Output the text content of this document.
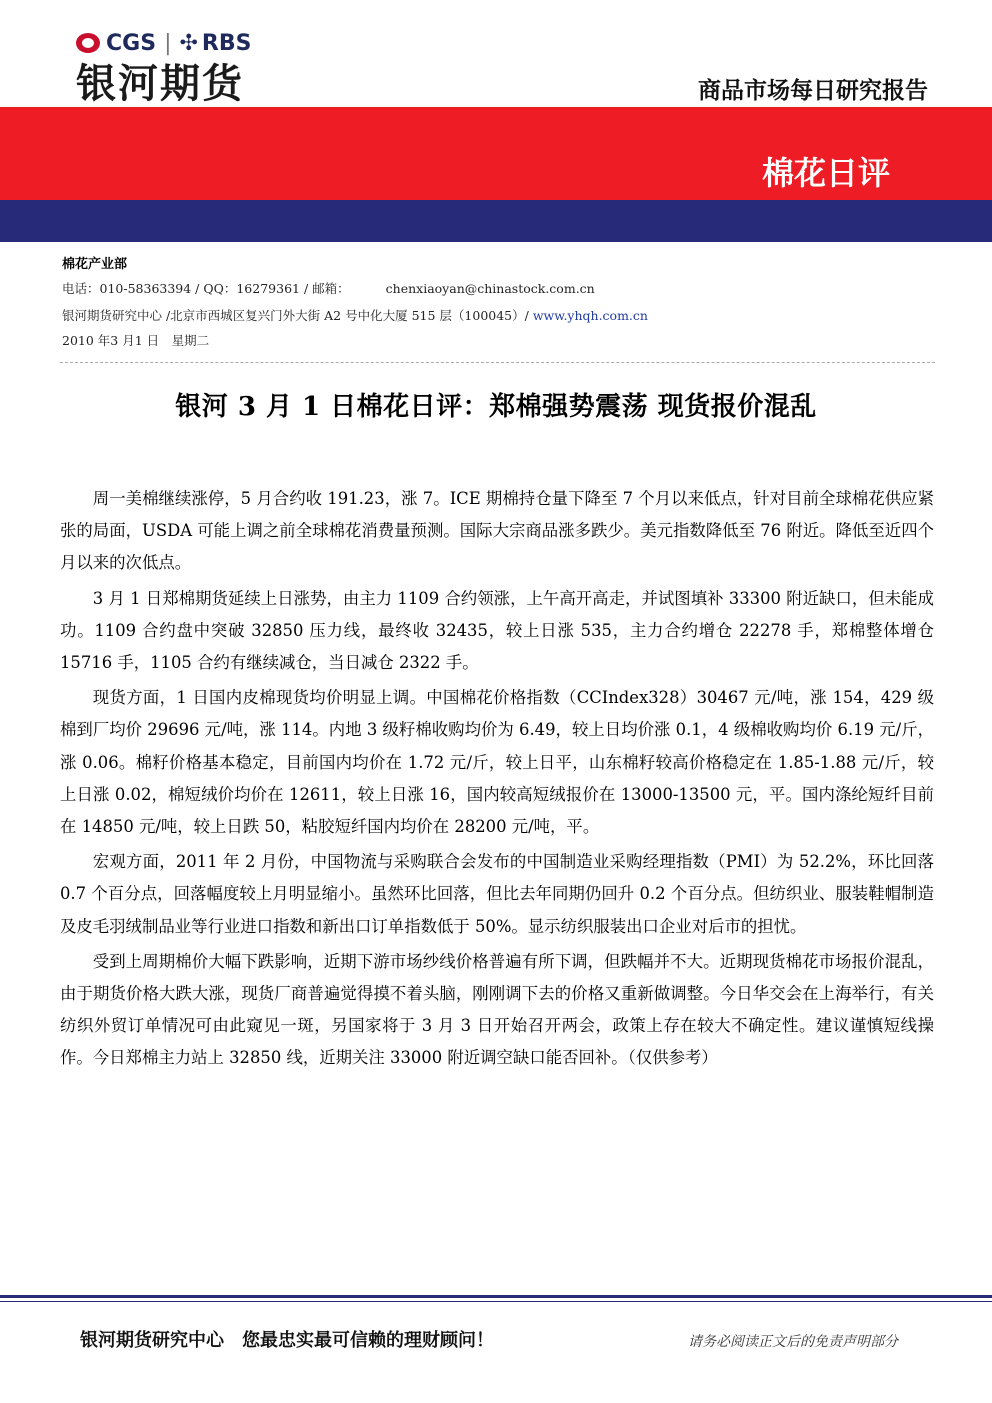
CGS | ✣ RBS
银河期货	商品市场每日研究报告
棉花日评
棉花产业部
电话：010-58363394 / QQ：16279361 / 邮箱：	chenxiaoyan@chinastock.com.cn
银河期货研究中心 /北京市西城区复兴门外大街 A2 号中化大厦 515 层（100045）/ www.yhqh.com.cn
2010 年3 月1 日　星期二
银河 3 月 1 日棉花日评：郑棉强势震荡 现货报价混乱

周一美棉继续涨停，5 月合约收 191.23，涨 7。ICE 期棉持仓量下降至 7 个月以来低点，针对目前全球棉花供应紧张的局面，USDA 可能上调之前全球棉花消费量预测。国际大宗商品涨多跌少。美元指数降低至 76 附近。降低至近四个月以来的次低点。

3 月 1 日郑棉期货延续上日涨势，由主力 1109 合约领涨，上午高开高走，并试图填补 33300 附近缺口，但未能成功。1109 合约盘中突破 32850 压力线，最终收 32435，较上日涨 535，主力合约增仓 22278 手，郑棉整体增仓 15716 手，1105 合约有继续减仓，当日减仓 2322 手。

现货方面，1 日国内皮棉现货均价明显上调。中国棉花价格指数（CCIndex328）30467 元/吨，涨 154，429 级棉到厂均价 29696 元/吨，涨 114。内地 3 级籽棉收购均价为 6.49，较上日均价涨 0.1，4 级棉收购均价 6.19 元/斤，涨 0.06。棉籽价格基本稳定，目前国内均价在 1.72 元/斤，较上日平，山东棉籽较高价格稳定在 1.85-1.88 元/斤，较上日涨 0.02，棉短绒价均价在 12611，较上日涨 16，国内较高短绒报价在 13000-13500 元，平。国内涤纶短纤目前在 14850 元/吨，较上日跌 50，粘胶短纤国内均价在 28200 元/吨，平。

宏观方面，2011 年 2 月份，中国物流与采购联合会发布的中国制造业采购经理指数（PMI）为 52.2%，环比回落 0.7 个百分点，回落幅度较上月明显缩小。虽然环比回落，但比去年同期仍回升 0.2 个百分点。但纺织业、服装鞋帽制造及皮毛羽绒制品业等行业进口指数和新出口订单指数低于 50%。显示纺织服装出口企业对后市的担忧。

受到上周期棉价大幅下跌影响，近期下游市场纱线价格普遍有所下调，但跌幅并不大。近期现货棉花市场报价混乱，由于期货价格大跌大涨，现货厂商普遍觉得摸不着头脑，刚刚调下去的价格又重新做调整。今日华交会在上海举行，有关纺织外贸订单情况可由此窥见一斑，另国家将于 3 月 3 日开始召开两会，政策上存在较大不确定性。建议谨慎短线操作。今日郑棉主力站上 32850 线，近期关注 33000 附近调空缺口能否回补。（仅供参考）

银河期货研究中心　您最忠实最可信赖的理财顾问！	请务必阅读正文后的免责声明部分
